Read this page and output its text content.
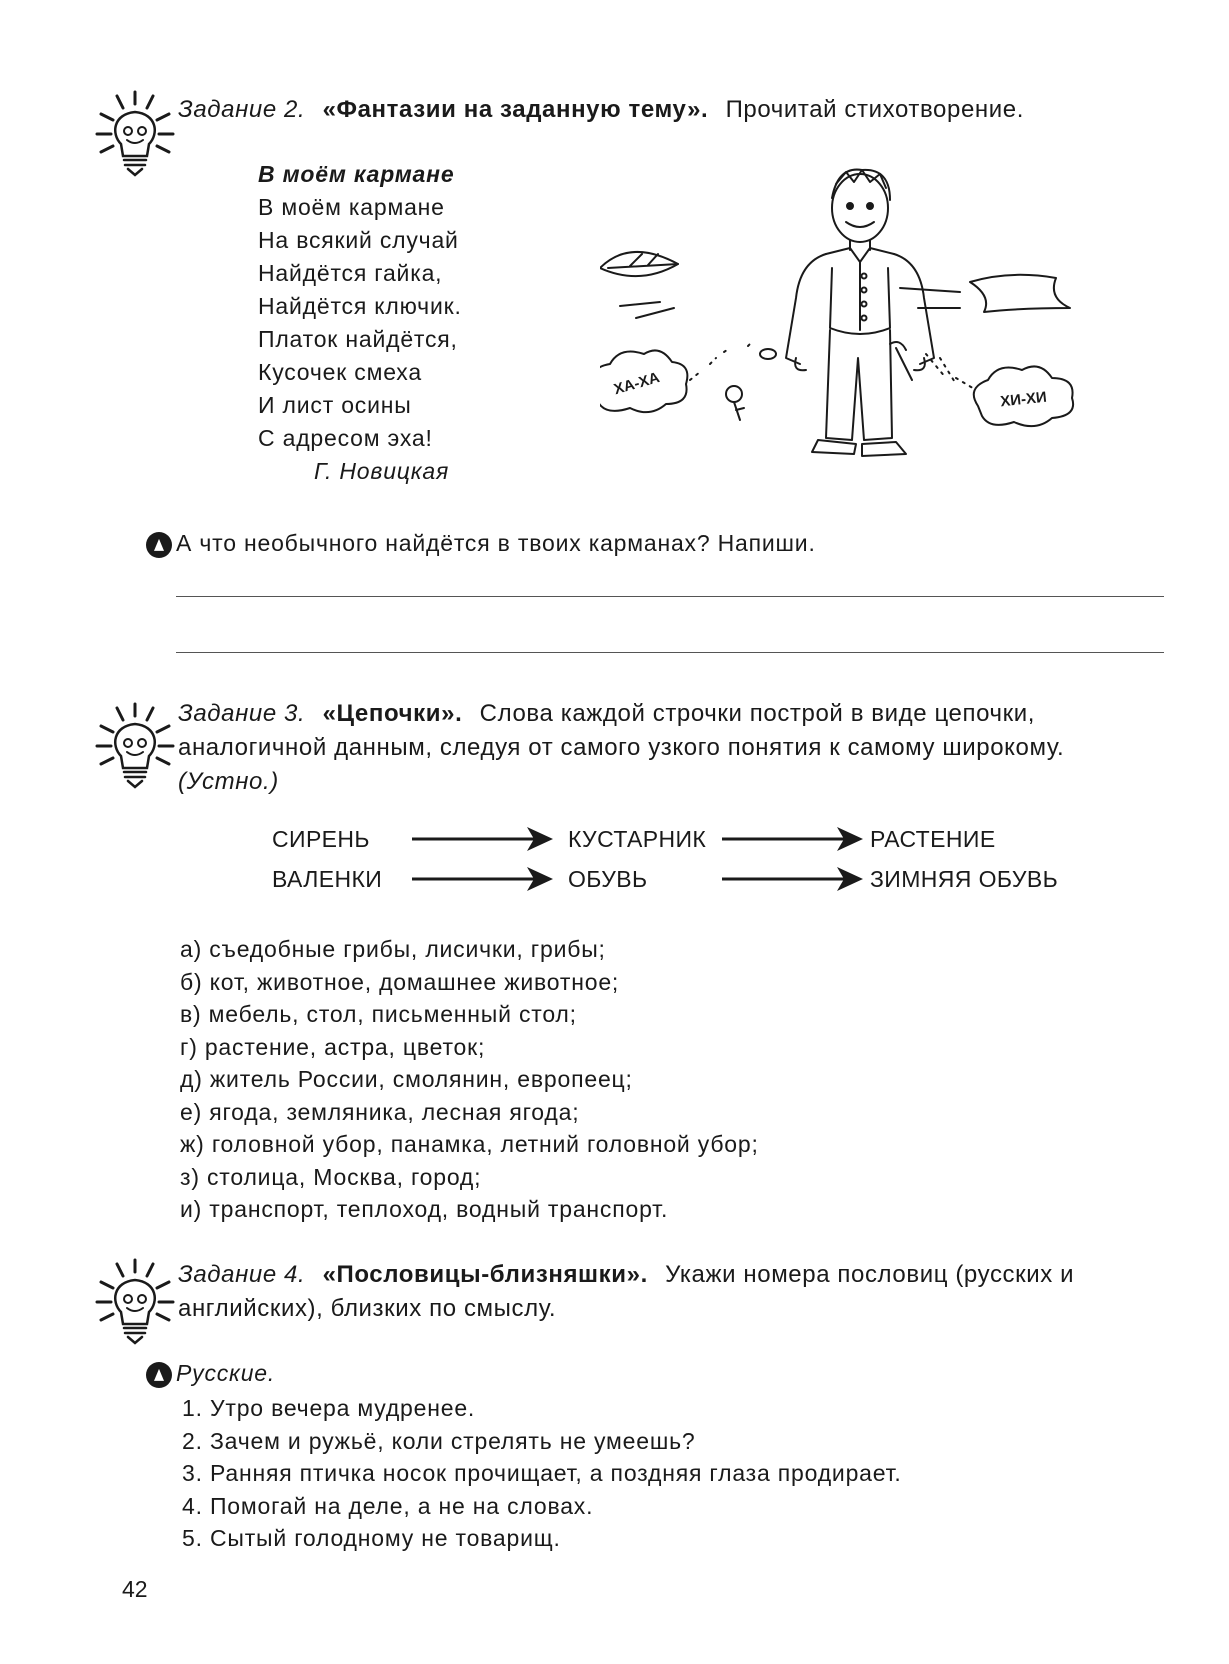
Задание 2. «Фантазии на заданную тему». Прочитай стихотворение.
В моём кармане
В моём кармане
На всякий случай
Найдётся гайка,
Найдётся ключик.
Платок найдётся,
Кусочек смеха
И лист осины
С адресом эха!
Г. Новицкая
ХА-ХА
ХИ-ХИ
А что необычного найдётся в твоих карманах? Напиши.
Задание 3. «Цепочки». Слова каждой строчки построй в виде цепочки,
аналогичной данным, следуя от самого узкого понятия к самому широкому.
(Устно.)
СИРЕНЬ	КУСТАРНИК	РАСТЕНИЕ
ВАЛЕНКИ	ОБУВЬ	ЗИМНЯЯ ОБУВЬ
а) съедобные грибы, лисички, грибы;
б) кот, животное, домашнее животное;
в) мебель, стол, письменный стол;
г) растение, астра, цветок;
д) житель России, смолянин, европеец;
е) ягода, земляника, лесная ягода;
ж) головной убор, панамка, летний головной убор;
з) столица, Москва, город;
и) транспорт, теплоход, водный транспорт.
Задание 4. «Пословицы-близняшки». Укажи номера пословиц (русских и
английских), близких по смыслу.
Русские.
1. Утро вечера мудренее.
2. Зачем и ружьё, коли стрелять не умеешь?
3. Ранняя птичка носок прочищает, а поздняя глаза продирает.
4. Помогай на деле, а не на словах.
5. Сытый голодному не товарищ.
42
